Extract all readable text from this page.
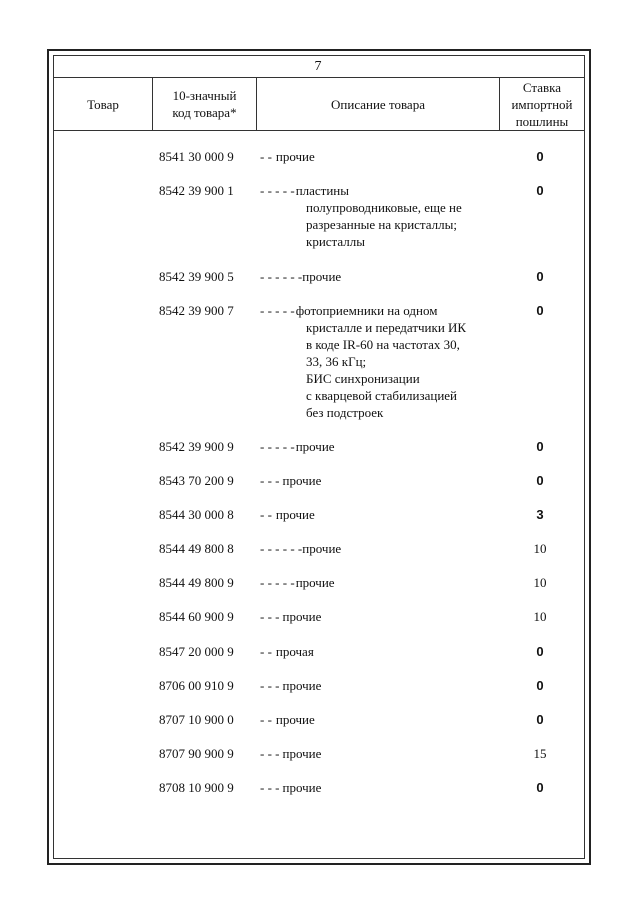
7
Товар
10-значный
код товара*
Описание товара
Ставка
импортной
пошлины
8541 30 000 9 - - прочие	0
8542 39 900 1 - - - - - пластины
полупроводниковые, еще не
разрезанные на кристаллы;
кристаллы
0
8542 39 900 5 - - - - - - прочие	0
8542 39 900 7 - - - - - фотоприемники на одном
кристалле и передатчики ИК
в коде IR-60 на частотах 30,
33, 36 кГц;
БИС синхронизации
с кварцевой стабилизацией
без подстроек
0
8542 39 900 9 - - - - - прочие	0
8543 70 200 9 - - - прочие	0
8544 30 000 8 - - прочие	3
8544 49 800 8 - - - - - - прочие	10
8544 49 800 9 - - - - - прочие	10
8544 60 900 9 - - - прочие	10
8547 20 000 9 - - прочая	0
8706 00 910 9 - - - прочие	0
8707 10 900 0 - - прочие	0
8707 90 900 9 - - - прочие	15
8708 10 900 9 - - - прочие	0
